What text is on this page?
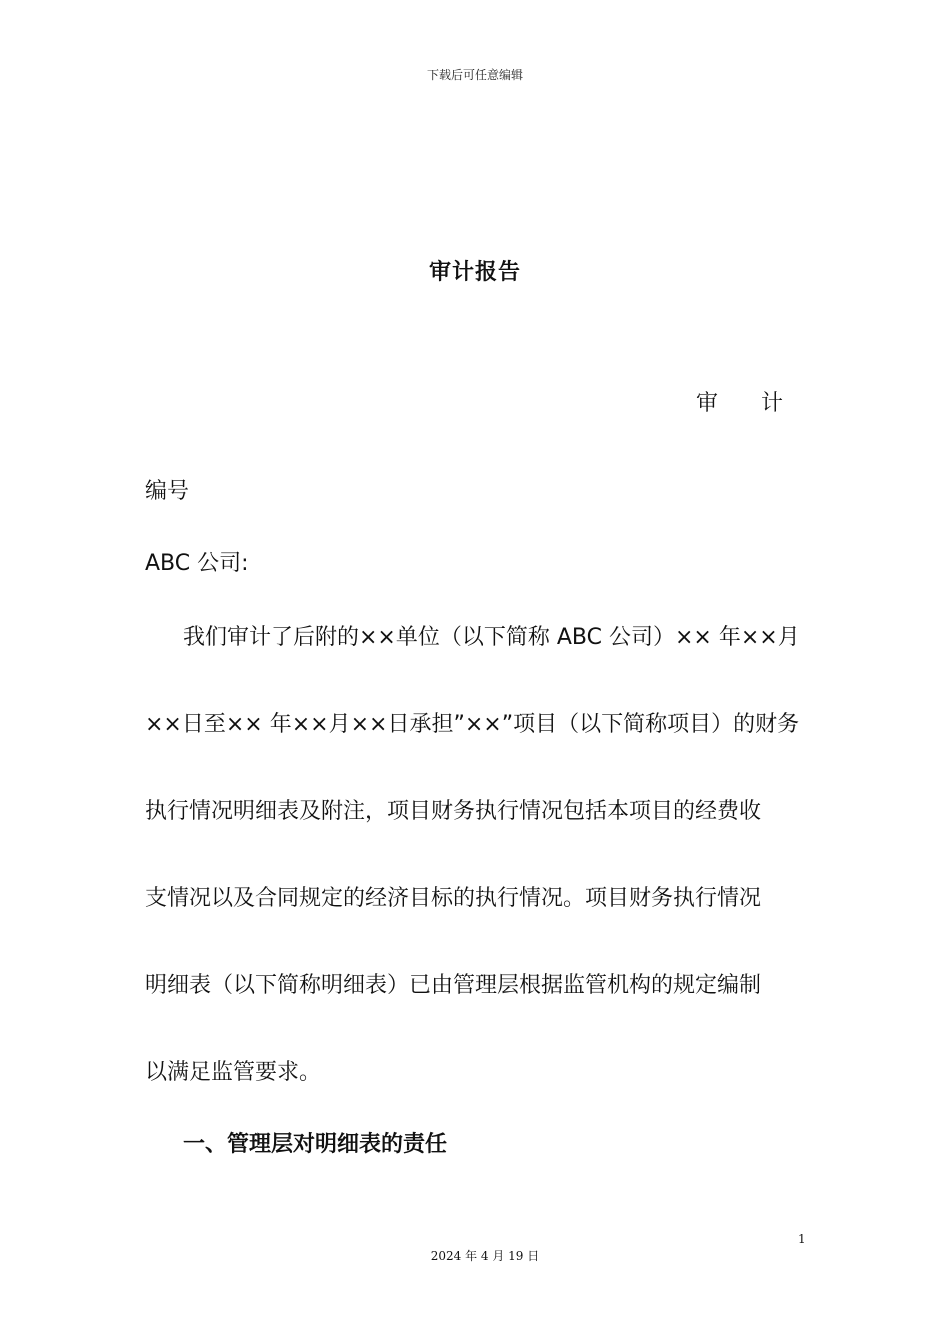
下载后可任意编辑
审计报告
审 计
编号
ABC 公司:
我们审计了后附的××单位（以下简称 ABC 公司）×× 年××月
××日至×× 年××月××日承担”××”项目（以下简称项目）的财务
执行情况明细表及附注，项目财务执行情况包括本项目的经费收
支情况以及合同规定的经济目标的执行情况。项目财务执行情况
明细表（以下简称明细表）已由管理层根据监管机构的规定编制
以满足监管要求。
一、管理层对明细表的责任
1
2024 年 4 月 19 日
